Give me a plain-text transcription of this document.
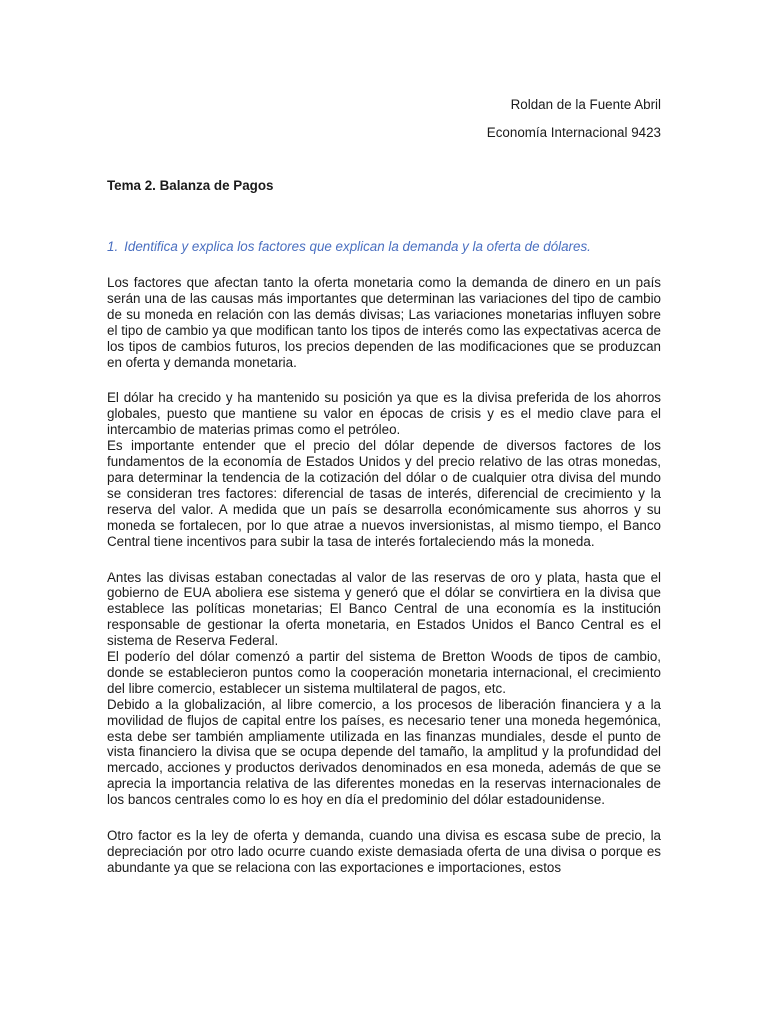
Roldan de la Fuente Abril
Economía Internacional 9423
Tema 2. Balanza de Pagos
1. Identifica y explica los factores que explican la demanda y la oferta de dólares.

Los factores que afectan tanto la oferta monetaria como la demanda de dinero en un país serán una de las causas más importantes que determinan las variaciones del tipo de cambio de su moneda en relación con las demás divisas; Las variaciones monetarias influyen sobre el tipo de cambio ya que modifican tanto los tipos de interés como las expectativas acerca de los tipos de cambios futuros, los precios dependen de las modificaciones que se produzcan en oferta y demanda monetaria.

El dólar ha crecido y ha mantenido su posición ya que es la divisa preferida de los ahorros globales, puesto que mantiene su valor en épocas de crisis y es el medio clave para el intercambio de materias primas como el petróleo.

Es importante entender que el precio del dólar depende de diversos factores de los fundamentos de la economía de Estados Unidos y del precio relativo de las otras monedas, para determinar la tendencia de la cotización del dólar o de cualquier otra divisa del mundo se consideran tres factores: diferencial de tasas de interés, diferencial de crecimiento y la reserva del valor. A medida que un país se desarrolla económicamente sus ahorros y su moneda se fortalecen, por lo que atrae a nuevos inversionistas, al mismo tiempo, el Banco Central tiene incentivos para subir la tasa de interés fortaleciendo más la moneda.

Antes las divisas estaban conectadas al valor de las reservas de oro y plata, hasta que el gobierno de EUA aboliera ese sistema y generó que el dólar se convirtiera en la divisa que establece las políticas monetarias; El Banco Central de una economía es la institución responsable de gestionar la oferta monetaria, en Estados Unidos el Banco Central es el sistema de Reserva Federal.

El poderío del dólar comenzó a partir del sistema de Bretton Woods de tipos de cambio, donde se establecieron puntos como la cooperación monetaria internacional, el crecimiento del libre comercio, establecer un sistema multilateral de pagos, etc.

Debido a la globalización, al libre comercio, a los procesos de liberación financiera y a la movilidad de flujos de capital entre los países, es necesario tener una moneda hegemónica, esta debe ser también ampliamente utilizada en las finanzas mundiales, desde el punto de vista financiero la divisa que se ocupa depende del tamaño, la amplitud y la profundidad del mercado, acciones y productos derivados denominados en esa moneda, además de que se aprecia la importancia relativa de las diferentes monedas en la reservas internacionales de los bancos centrales como lo es hoy en día el predominio del dólar estadounidense.

Otro factor es la ley de oferta y demanda, cuando una divisa es escasa sube de precio, la depreciación por otro lado ocurre cuando existe demasiada oferta de una divisa o porque es abundante ya que se relaciona con las exportaciones e importaciones, estos
